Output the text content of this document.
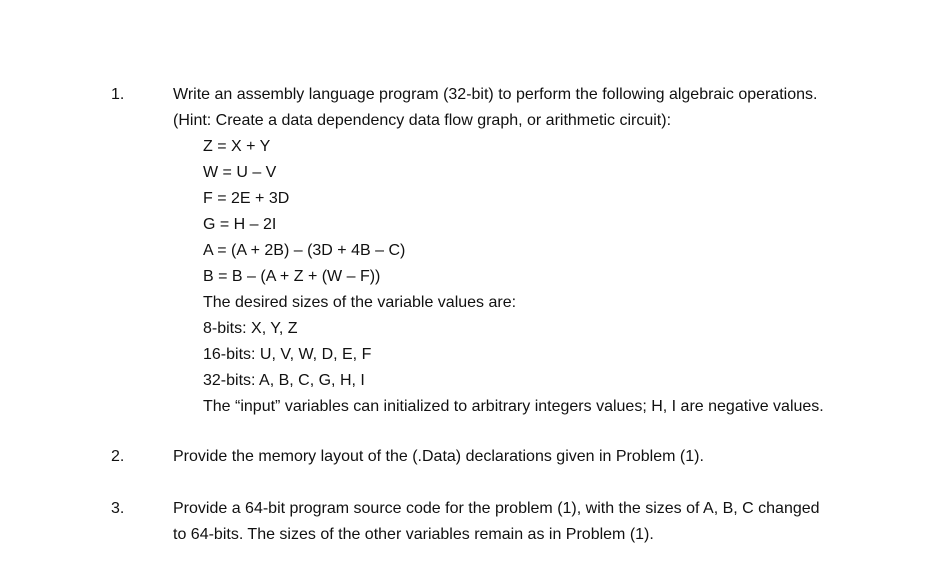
1.	Write an assembly language program (32-bit) to perform the following algebraic operations.
(Hint: Create a data dependency data flow graph, or arithmetic circuit):
Z = X + Y
W = U – V
F = 2E + 3D
G = H – 2I
A = (A + 2B) – (3D + 4B – C)
B = B – (A + Z + (W – F))
The desired sizes of the variable values are:
8-bits: X, Y, Z
16-bits: U, V, W, D, E, F
32-bits: A, B, C, G, H, I
The “input” variables can initialized to arbitrary integers values; H, I are negative values.
2.	Provide the memory layout of the (.Data) declarations given in Problem (1).
3.	Provide a 64-bit program source code for the problem (1), with the sizes of A, B, C changed
to 64-bits. The sizes of the other variables remain as in Problem (1).
